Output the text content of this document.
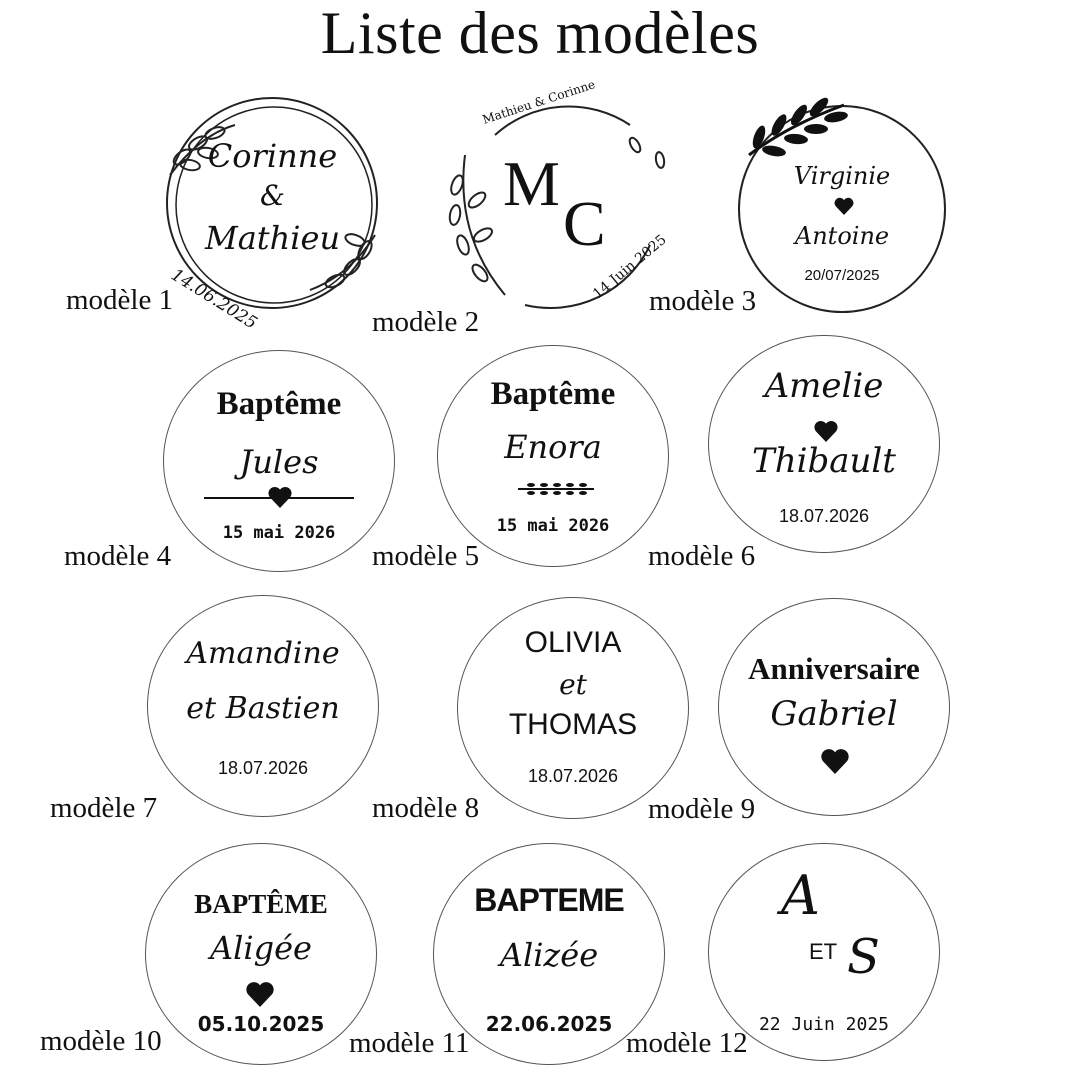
Liste des modèles
Corinne
&
Mathieu
14.06.2025
modèle 1
Mathieu & Corinne
M
C
14 Juin 2025
modèle 2
Virginie
Antoine
20/07/2025
modèle 3
Baptême
Jules
15 mai 2026
modèle 4
Baptême
Enora
15 mai 2026
modèle 5
Amelie
Thibault
18.07.2026
modèle 6
Amandine
et Bastien
18.07.2026
modèle 7
OLIVIA
et
THOMAS
18.07.2026
modèle 8
Anniversaire
Gabriel
modèle 9
BAPTÊME
Aligée
05.10.2025
modèle 10
BAPTEME
Alizée
22.06.2025
modèle 11
A
ET S
22 Juin 2025
modèle 12
